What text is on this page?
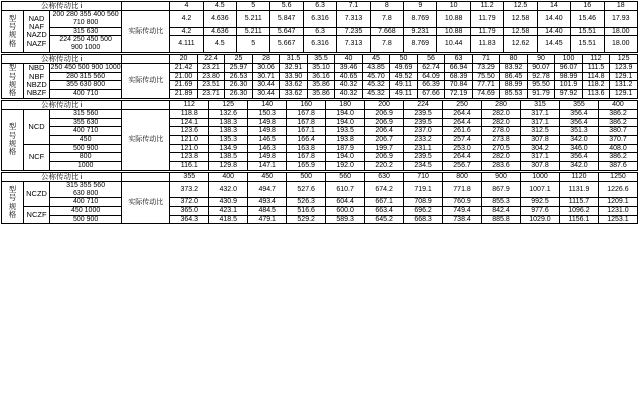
公称传动比 i				4	4.5	5	5.6	6.3	7.1	8	9	10	11.2	12.5	14	16	18
型
号
规
格	NAD
NAF
NAZD
NAZF	200 280 355 400 560
710 800	实际传动比	4.2	4.636	5.211	5.847	6.316	7.313	7.8	8.769	10.88	11.79	12.58	14.40	15.46	17.93

		315 630		4.2	4.636	5.211	5.647	6.3	7.235	7.668	9.231	10.88	11.79	12.58	14.40	15.51	18.00

		224 250 450 500
900 1000		4.111	4.5	5	5.667	6.316	7.313	7.8	8.769	10.44	11.83	12.62	14.45	15.51	18.00
公称传动比 i				20	22.4	25	28	31.5	35.5	40	45	50	56	63	71	80	90	100	112	125
型
号
规
格	NBD
NBF
NBZD
NBZF	250 450 500 900 1000	实际传动比	21.42	23.21	25.97	30.06	32.91	35.10	39.46	43.85	49.69	62.74	66.94	73.29	83.92	90.07	96.07	111.5	123.9

		280 315 560		21.00	23.80	26.53	30.71	33.90	36.16	40.65	45.70	49.52	64.09	68.39	75.50	86.45	92.78	98.99	114.8	129.1

		355 630 800		21.69	23.51	26.30	30.44	33.62	35.86	40.32	45.32	49.11	66.39	70.84	77.71	88.99	95.50	101.9	118.2	131.2

		400 710		21.89	23.71	26.30	30.44	33.62	35.86	40.32	45.32	49.11	67.66	72.19	74.69	85.53	91.79	97.92	113.6	129.1
公称传动比 i				112	125	140	160	180	200	224	250	280	315	355	400
型
号
规
格	NCD	315 560	实际传动比	118.8	132.6	150.3	167.8	194.0	206.9	239.5	264.4	282.0	317.1	356.4	386.2

		355 630		124.1	138.3	149.8	167.8	194.0	206.9	239.5	264.4	282.0	317.1	356.4	386.2

		400 710		123.6	138.3	149.8	167.1	193.5	206.4	237.0	261.6	278.0	312.5	351.3	380.7

		450		121.0	135.3	146.5	166.4	193.8	206.7	233.2	257.4	273.8	307.8	342.0	370.7
	NCF	500 900		121.0	134.9	146.3	163.8	187.9	199.7	231.1	253.0	270.5	304.2	346.0	408.0

		800		123.8	138.5	149.8	167.8	194.0	206.9	239.5	264.4	282.0	317.1	356.4	386.2

		1000		116.1	129.8	147.1	165.9	192.0	220.2	234.5	256.7	283.6	307.8	342.0	387.6
公称传动比 i				355	400	450	500	560	630	710	800	900	1000	1120	1250
型
号
规
格	NCZD	315 355 560
630 800	实际传动比	373.2	432.0	494.7	527.6	610.7	674.2	719.1	771.8	867.9	1007.1	1131.9	1226.6

		400 710		372.0	430.9	493.4	526.3	604.4	667.1	708.9	760.9	855.3	992.5	1115.7	1209.1
	NCZF	450 1000		365.0	423.1	484.5	516.6	600.0	663.4	696.2	749.4	842.4	977.6	1096.2	1231.0

		500 900		364.3	418.5	479.1	529.2	589.3	645.2	668.3	738.4	885.8	1029.0	1156.1	1253.1
